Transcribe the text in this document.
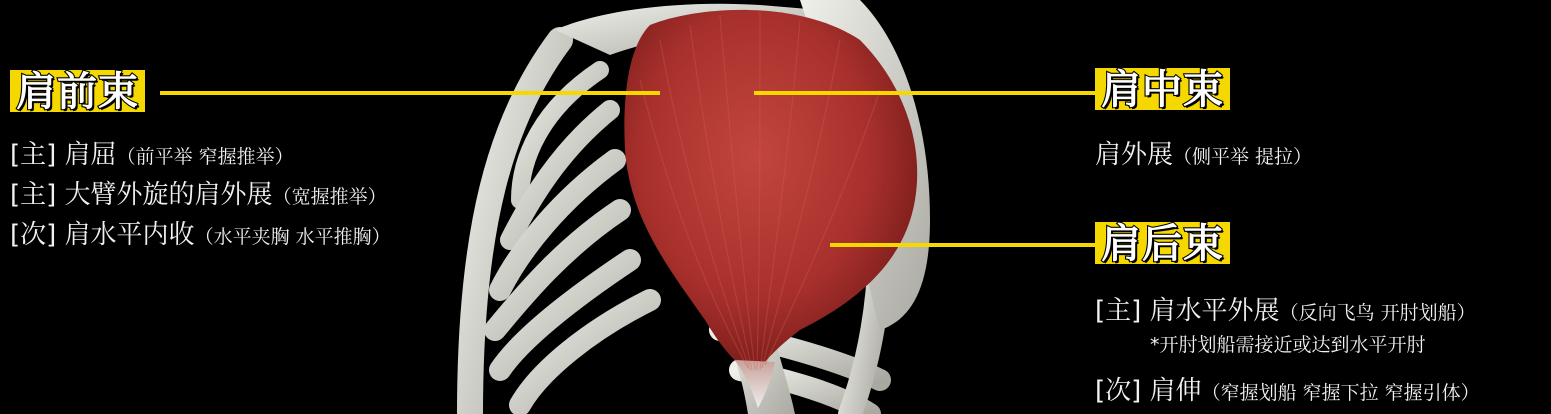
肩前束
[主] 肩屈（前平举 窄握推举）
[主] 大臂外旋的肩外展（宽握推举）
[次] 肩水平内收（水平夹胸 水平推胸）
肩中束
肩外展（侧平举 提拉）
肩后束
[主] 肩水平外展（反向飞鸟 开肘划船）
*开肘划船需接近或达到水平开肘
[次] 肩伸（窄握划船 窄握下拉 窄握引体）
